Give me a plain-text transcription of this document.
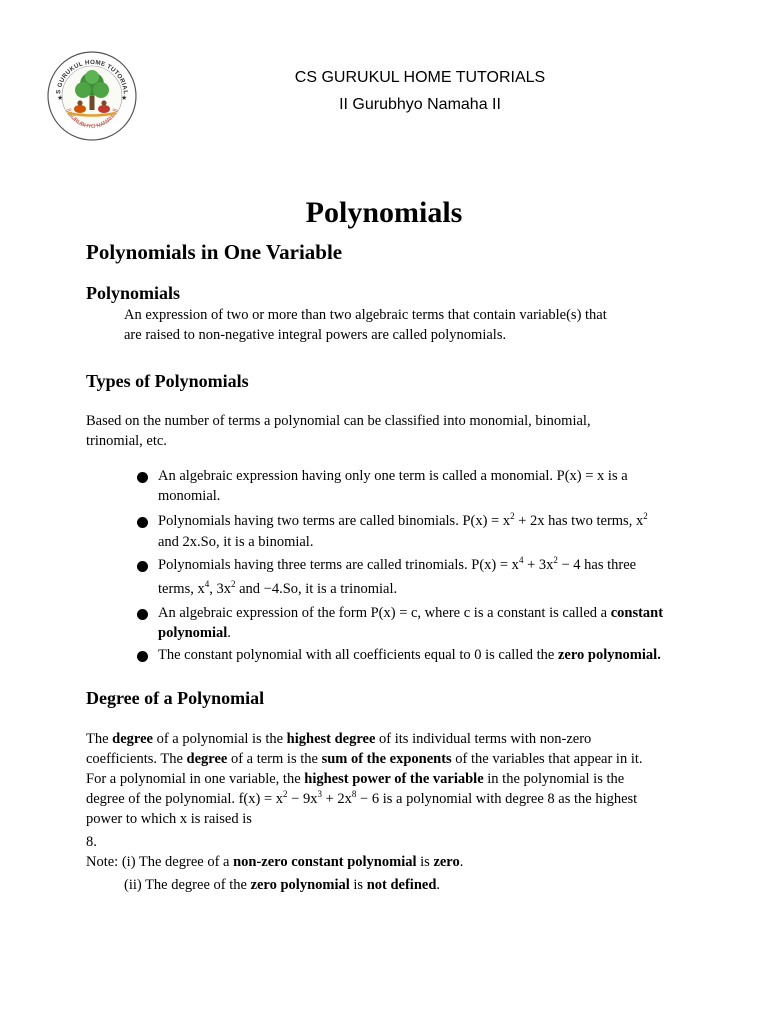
S GURUKUL HOME TUTORIAL
|| GURUBHYO NAMAHA ||
★	★
CS GURUKUL HOME TUTORIALS
II Gurubhyo Namaha II
Polynomials
Polynomials in One Variable
Polynomials
An expression of two or more than two algebraic terms that contain variable(s) that
are raised to non-negative integral powers are called polynomials.
Types of Polynomials
Based on the number of terms a polynomial can be classified into monomial, binomial,
trinomial, etc.
An algebraic expression having only one term is called a monomial. P(x) = x is a
monomial.
Polynomials having two terms are called binomials. $P(x) = x^2 + 2x$ has two terms, $x^2$
and 2x.So, it is a binomial.
Polynomials having three terms are called trinomials. $P(x) = x^4 + 3x^2 - 4$ has three
terms, $x^4$, $3x^2$ and −4.So, it is a trinomial.
An algebraic expression of the form P(x) = c, where c is a constant is called a constant
polynomial.
The constant polynomial with all coefficients equal to 0 is called the zero polynomial.
Degree of a Polynomial
The degree of a polynomial is the highest degree of its individual terms with non-zero
coefficients. The degree of a term is the sum of the exponents of the variables that appear in it.
For a polynomial in one variable, the highest power of the variable in the polynomial is the
degree of the polynomial. $f(x) = x^2 - 9x^3 + 2x^8 - 6$ is a polynomial with degree 8 as the highest
power to which x is raised is
8.
Note: (i) The degree of a non-zero constant polynomial is zero.
(ii) The degree of the zero polynomial is not defined.
